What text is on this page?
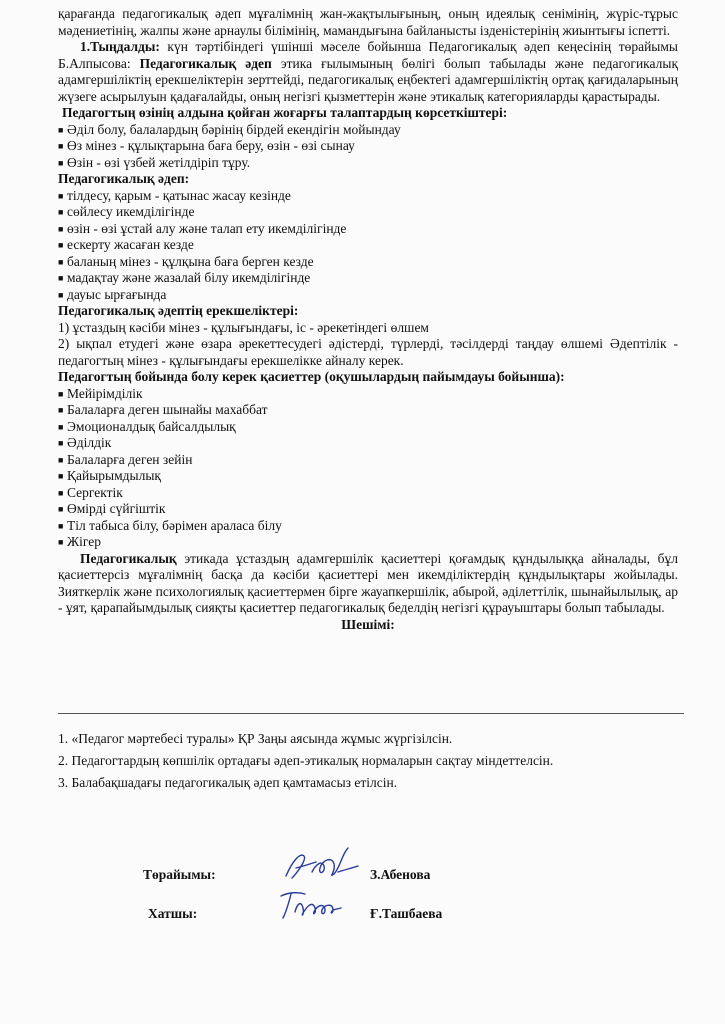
қарағанда педагогикалық әдеп мұғалімнің жан-жақтылығының, оның идеялық сенімінің, жүріс-тұрыс мәдениетінің, жалпы және арнаулы білімінің, мамандығына байланысты ізденістерінің жиынтығы іспетті.

1.Тыңдалды: күн тәртібіндегі үшінші мәселе бойынша Педагогикалық әдеп кеңесінің төрайымы Б.Алпысова: Педагогикалық әдеп этика ғылымының бөлігі болып табылады және педагогикалық адамгершіліктің ерекшеліктерін зерттейді, педагогикалық еңбектегі адамгершіліктің ортақ қағидаларының жүзеге асырылуын қадағалайды, оның негізгі қызметтерін және этикалық категорияларды қарастырады.

Педагогтың өзінің алдына қойған жоғарғы талаптардың көрсеткіштері:

■ Әділ болу, балалардың бәрінің бірдей екендігін мойындау
■ Өз мінез - құлықтарына баға беру, өзін - өзі сынау
■ Өзін - өзі үзбей жетілдіріп тұру.

Педагогикалық әдеп:

■ тілдесу, қарым - қатынас жасау кезінде
■ сөйлесу икемділігінде
■ өзін - өзі ұстай алу және талап ету икемділігінде
■ ескерту жасаған кезде
■ баланың мінез - құлқына баға берген кезде
■ мадақтау және жазалай білу икемділігінде
■ дауыс ырғағында

Педагогикалық әдептің ерекшеліктері:

1) ұстаздың кәсіби мінез - құлығындағы, іс - әрекетіндегі өлшем

2) ықпал етудегі және өзара әрекеттесудегі әдістерді, түрлерді, тәсілдерді таңдау өлшемі Әдептілік - педагогтың мінез - құлығындағы ерекшелікке айналу керек.

Педагогтың бойында болу керек қасиеттер (оқушылардың пайымдауы бойынша):

■ Мейірімділік
■ Балаларға деген шынайы махаббат
■ Эмоционалдық байсалдылық
■ Әділдік
■ Балаларға деген зейін
■ Қайырымдылық
■ Сергектік
■ Өмірді сүйгіштік
■ Тіл табыса білу, бәрімен араласа білу
■ Жігер

Педагогикалық этикада ұстаздың адамгершілік қасиеттері қоғамдық құндылыққа айналады, бұл қасиеттерсіз мұғалімнің басқа да кәсіби қасиеттері мен икемділіктердің құндылықтары жойылады. Зияткерлік және психологиялық қасиеттермен бірге жауапкершілік, абырой, әділеттілік, шынайылылық, ар - ұят, қарапайымдылық сияқты қасиеттер педагогикалық беделдің негізгі құрауыштары болып табылады.

Шешімі:

1. «Педагог мәртебесі туралы» ҚР Заңы аясында жұмыс жүргізілсін.
2. Педагогтардың көпшілік ортадағы әдеп-этикалық нормаларын сақтау міндеттелсін.
3. Балабақшадағы педагогикалық әдеп қамтамасыз етілсін.
Төрайымы:	З.Абенова
Хатшы:	Ғ.Ташбаева
